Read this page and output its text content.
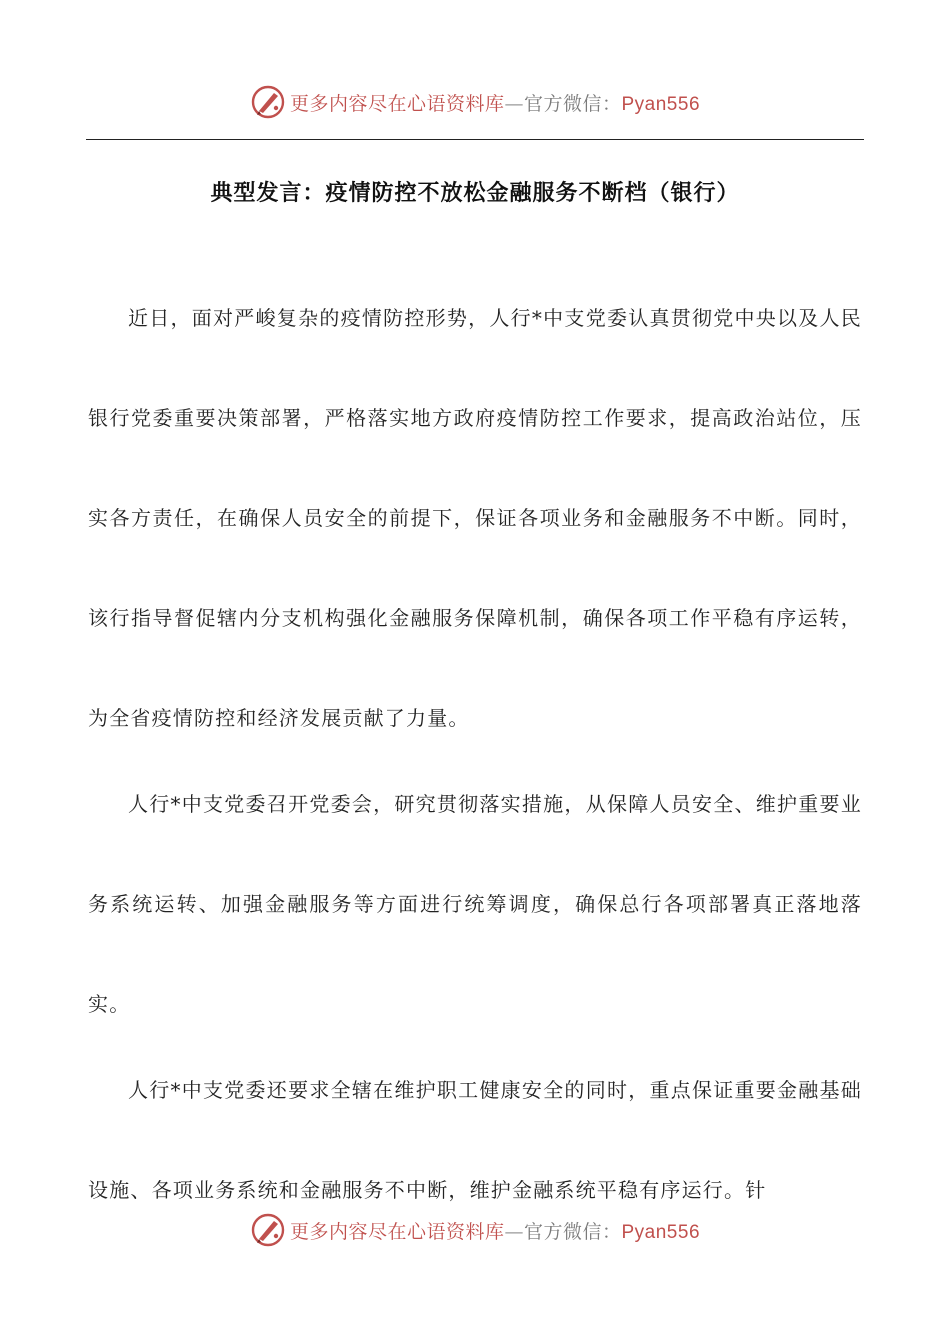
更多内容尽在心语资料库—官方微信：Pyan556
典型发言：疫情防控不放松金融服务不断档（银行）

近日，面对严峻复杂的疫情防控形势，人行*中支党委认真贯彻党中央以及人民银行党委重要决策部署，严格落实地方政府疫情防控工作要求，提高政治站位，压实各方责任，在确保人员安全的前提下，保证各项业务和金融服务不中断。同时，该行指导督促辖内分支机构强化金融服务保障机制，确保各项工作平稳有序运转，为全省疫情防控和经济发展贡献了力量。

人行*中支党委召开党委会，研究贯彻落实措施，从保障人员安全、维护重要业务系统运转、加强金融服务等方面进行统筹调度，确保总行各项部署真正落地落实。

人行*中支党委还要求全辖在维护职工健康安全的同时，重点保证重要金融基础设施、各项业务系统和金融服务不中断，维护金融系统平稳有序运行。针

更多内容尽在心语资料库—官方微信：Pyan556
